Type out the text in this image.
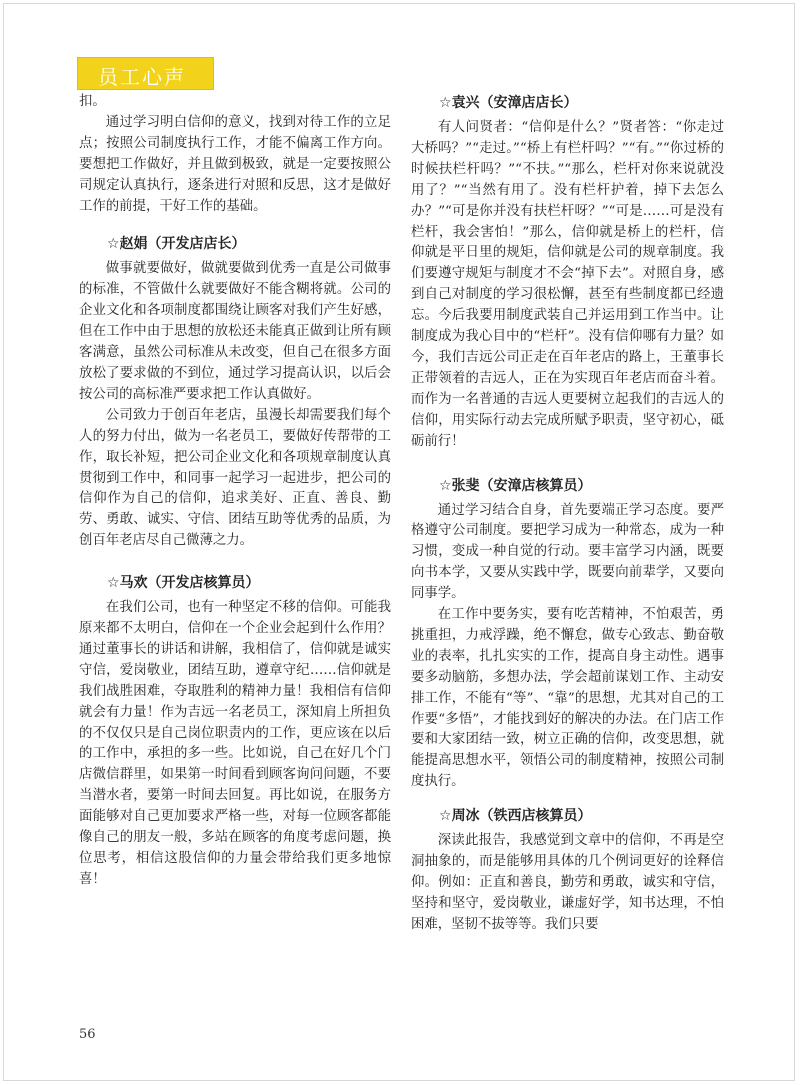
员工心声

扣。

通过学习明白信仰的意义，找到对待工作的立足点；按照公司制度执行工作，才能不偏离工作方向。要想把工作做好，并且做到极致，就是一定要按照公司规定认真执行，逐条进行对照和反思，这才是做好工作的前提，干好工作的基础。

☆赵娟（开发店店长）

做事就要做好，做就要做到优秀一直是公司做事的标准，不管做什么就要做好不能含糊将就。公司的企业文化和各项制度都围绕让顾客对我们产生好感，但在工作中由于思想的放松还未能真正做到让所有顾客满意，虽然公司标准从未改变，但自己在很多方面放松了要求做的不到位，通过学习提高认识，以后会按公司的高标准严要求把工作认真做好。

公司致力于创百年老店，虽漫长却需要我们每个人的努力付出，做为一名老员工，要做好传帮带的工作，取长补短，把公司企业文化和各项规章制度认真贯彻到工作中，和同事一起学习一起进步，把公司的信仰作为自己的信仰，追求美好、正直、善良、勤劳、勇敢、诚实、守信、团结互助等优秀的品质，为创百年老店尽自己微薄之力。

☆马欢（开发店核算员）

在我们公司，也有一种坚定不移的信仰。可能我原来都不太明白，信仰在一个企业会起到什么作用？通过董事长的讲话和讲解，我相信了，信仰就是诚实守信，爱岗敬业，团结互助，遵章守纪……信仰就是我们战胜困难，夺取胜利的精神力量！我相信有信仰就会有力量！作为吉远一名老员工，深知肩上所担负的不仅仅只是自己岗位职责内的工作，更应该在以后的工作中，承担的多一些。比如说，自己在好几个门店微信群里，如果第一时间看到顾客询问问题，不要当潜水者，要第一时间去回复。再比如说，在服务方面能够对自己更加要求严格一些，对每一位顾客都能像自己的朋友一般，多站在顾客的角度考虑问题，换位思考，相信这股信仰的力量会带给我们更多地惊喜！

☆袁兴（安漳店店长）

有人问贤者：“信仰是什么？”贤者答：“你走过大桥吗？”“走过。”“桥上有栏杆吗？”“有。”“你过桥的时候扶栏杆吗？”“不扶。”“那么，栏杆对你来说就没用了？”“当然有用了。没有栏杆护着，掉下去怎么办？”“可是你并没有扶栏杆呀？”“可是……可是没有栏杆，我会害怕！”那么，信仰就是桥上的栏杆，信仰就是平日里的规矩，信仰就是公司的规章制度。我们要遵守规矩与制度才不会“掉下去”。对照自身，感到自己对制度的学习很松懈，甚至有些制度都已经遗忘。今后我要用制度武装自己并运用到工作当中。让制度成为我心目中的“栏杆”。没有信仰哪有力量？如今，我们吉远公司正走在百年老店的路上，王董事长正带领着的吉远人，正在为实现百年老店而奋斗着。而作为一名普通的吉远人更要树立起我们的吉远人的信仰，用实际行动去完成所赋予职责，坚守初心，砥砺前行！

☆张斐（安漳店核算员）

通过学习结合自身，首先要端正学习态度。要严格遵守公司制度。要把学习成为一种常态，成为一种习惯，变成一种自觉的行动。要丰富学习内涵，既要向书本学，又要从实践中学，既要向前辈学，又要向同事学。

在工作中要务实，要有吃苦精神，不怕艰苦，勇挑重担，力戒浮躁，绝不懈怠，做专心致志、勤奋敬业的表率，扎扎实实的工作，提高自身主动性。遇事要多动脑筋，多想办法，学会超前谋划工作、主动安排工作，不能有“等”、“靠”的思想，尤其对自己的工作要“多悟”，才能找到好的解决的办法。在门店工作要和大家团结一致，树立正确的信仰，改变思想，就能提高思想水平，领悟公司的制度精神，按照公司制度执行。

☆周冰（铁西店核算员）

深读此报告，我感觉到文章中的信仰，不再是空洞抽象的，而是能够用具体的几个例词更好的诠释信仰。例如：正直和善良，勤劳和勇敢，诚实和守信，坚持和坚守，爱岗敬业，谦虚好学，知书达理，不怕困难，坚韧不拔等等。我们只要

56
